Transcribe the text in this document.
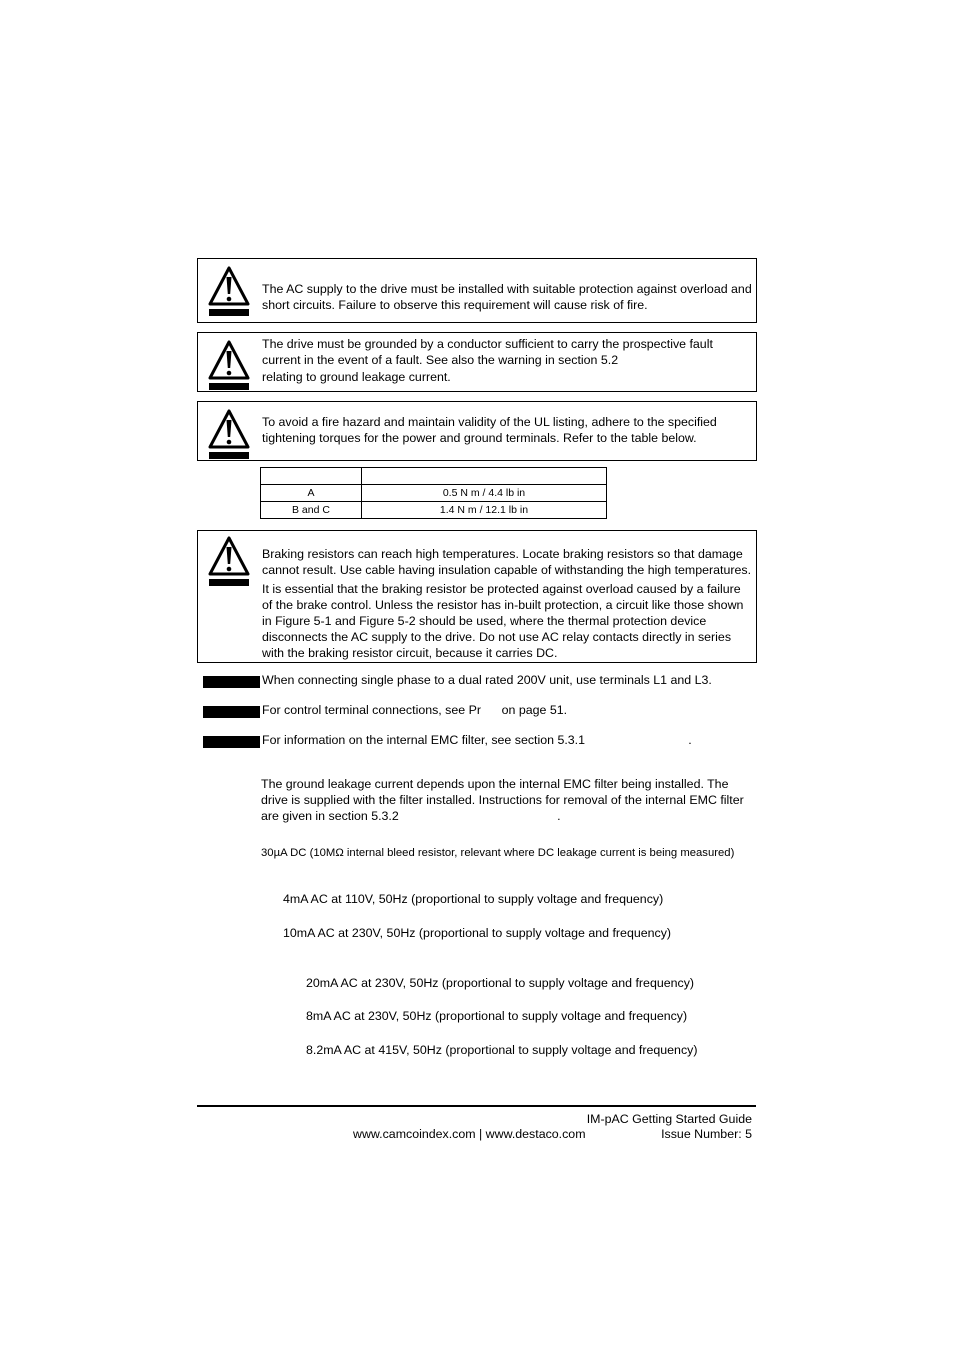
The AC supply to the drive must be installed with suitable protection against overload and short circuits. Failure to observe this requirement will cause risk of fire.

The drive must be grounded by a conductor sufficient to carry the prospective fault current in the event of a fault. See also the warning in section 5.2
relating to ground leakage current.

To avoid a fire hazard and maintain validity of the UL listing, adhere to the specified tightening torques for the power and ground terminals. Refer to the table below.

A	0.5 N m / 4.4 lb in
B and C	1.4 N m / 12.1 lb in

Braking resistors can reach high temperatures. Locate braking resistors so that damage cannot result. Use cable having insulation capable of withstanding the high temperatures.

It is essential that the braking resistor be protected against overload caused by a failure of the brake control. Unless the resistor has in-built protection, a circuit like those shown in Figure 5-1 and Figure 5-2 should be used, where the thermal protection device disconnects the AC supply to the drive. Do not use AC relay contacts directly in series with the braking resistor circuit, because it carries DC.

When connecting single phase to a dual rated 200V unit, use terminals L1 and L3.
For control terminal connections, see Pr      on page 51.
For information on the internal EMC filter, see section 5.3.1                              .

The ground leakage current depends upon the internal EMC filter being installed. The drive is supplied with the filter installed. Instructions for removal of the internal EMC filter are given in section 5.3.2                                              .

30µA DC (10MΩ internal bleed resistor, relevant where DC leakage current is being measured)
4mA AC at 110V, 50Hz (proportional to supply voltage and frequency)
10mA AC at 230V, 50Hz (proportional to supply voltage and frequency)
20mA AC at 230V, 50Hz (proportional to supply voltage and frequency)
8mA AC at 230V, 50Hz (proportional to supply voltage and frequency)
8.2mA AC at 415V, 50Hz (proportional to supply voltage and frequency)
IM-pAC Getting Started Guide
www.camcoindex.com | www.destaco.com	Issue Number: 5
